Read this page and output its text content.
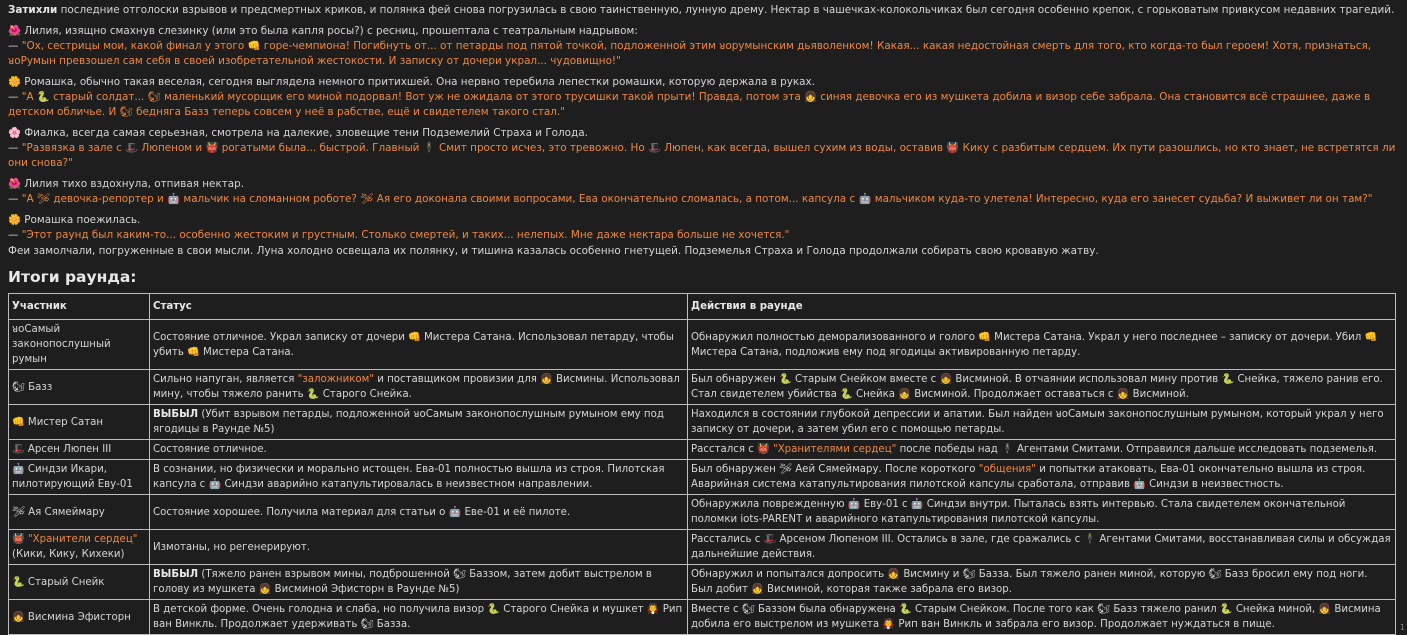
Затихли последние отголоски взрывов и предсмертных криков, и полянка фей снова погрузилась в свою таинственную, лунную дрему. Нектар в чашечках-колокольчиках был сегодня особенно крепок, с горьковатым привкусом недавних трагедий.

🌺 Лилия, изящно смахнув слезинку (или это была капля росы?) с ресниц, прошептала с театральным надрывом:

— "Ох, сестрицы мои, какой финал у этого 👊 горе-чемпиона! Погибнуть от... от петарды под пятой точкой, подложенной этим ᴚᴏрумынским дьяволенком! Какая... какая недостойная смерть для того, кто когда-то был героем! Хотя, признаться, ᴚᴏРумын превзошел сам себя в своей изобретательной жестокости. И записку от дочери украл... чудовищно!"

🌼 Ромашка, обычно такая веселая, сегодня выглядела немного притихшей. Она нервно теребила лепестки ромашки, которую держала в руках.

— "А 🐍 старый солдат... 🐿 маленький мусорщик его миной подорвал! Вот уж не ожидала от этого трусишки такой прыти! Правда, потом эта 👧 синяя девочка его из мушкета добила и визор себе забрала. Она становится всё страшнее, даже в детском обличье. И 🐿 бедняга Базз теперь совсем у неё в рабстве, ещё и свидетелем такого стал."

🌸 Фиалка, всегда самая серьезная, смотрела на далекие, зловещие тени Подземелий Страха и Голода.

— "Развязка в зале с 🎩 Люпеном и 👹 рогатыми была... быстрой. Главный 🕴 Смит просто исчез, это тревожно. Но 🎩 Люпен, как всегда, вышел сухим из воды, оставив 👹 Кику с разбитым сердцем. Их пути разошлись, но кто знает, не встретятся ли они снова?"

🌺 Лилия тихо вздохнула, отпивая нектар.

— "А 🛩 девочка-репортер и 🤖 мальчик на сломанном роботе? 🛩 Ая его доконала своими вопросами, Ева окончательно сломалась, а потом... капсула с 🤖 мальчиком куда-то улетела! Интересно, куда его занесет судьба? И выживет ли он там?"

🌼 Ромашка поежилась.

— "Этот раунд был каким-то... особенно жестоким и грустным. Столько смертей, и таких... нелепых. Мне даже нектара больше не хочется."

Феи замолчали, погруженные в свои мысли. Луна холодно освещала их полянку, и тишина казалась особенно гнетущей. Подземелья Страха и Голода продолжали собирать свою кровавую жатву.

Итоги раунда:
Участник	Статус	Действия в раунде
ᴚᴏСамый законопослушный румын	Состояние отличное. Украл записку от дочери 👊 Мистера Сатана. Использовал петарду, чтобы убить 👊 Мистера Сатана.	Обнаружил полностью деморализованного и голого 👊 Мистера Сатана. Украл у него последнее – записку от дочери. Убил 👊 Мистера Сатана, подложив ему под ягодицы активированную петарду.
🐿 Базз	Сильно напуган, является "заложником" и поставщиком провизии для 👧 Висмины. Использовал мину, чтобы тяжело ранить 🐍 Старого Снейка.	Был обнаружен 🐍 Старым Снейком вместе с 👧 Висминой. В отчаянии использовал мину против 🐍 Снейка, тяжело ранив его. Стал свидетелем убийства 🐍 Снейка 👧 Висминой. Продолжает оставаться с 👧 Висминой.
👊 Мистер Сатан	ВЫБЫЛ (Убит взрывом петарды, подложенной ᴚᴏСамым законопослушным румыном ему под ягодицы в Раунде №5)	Находился в состоянии глубокой депрессии и апатии. Был найден ᴚᴏСамым законопослушным румыном, который украл у него записку от дочери, а затем убил его с помощью петарды.
🎩 Арсен Люпен III	Состояние отличное.	Расстался с 👹 "Хранителями сердец" после победы над 🕴 Агентами Смитами. Отправился дальше исследовать подземелья.
🤖 Синдзи Икари, пилотирующий Еву-01	В сознании, но физически и морально истощен. Ева-01 полностью вышла из строя. Пилотская капсула с 🤖 Синдзи аварийно катапультировалась в неизвестном направлении.	Был обнаружен 🛩 Аей Сямеймару. После короткого "общения" и попытки атаковать, Ева-01 окончательно вышла из строя. Аварийная система катапультирования пилотской капсулы сработала, отправив 🤖 Синдзи в неизвестность.
🛩 Ая Сямеймару	Состояние хорошее. Получила материал для статьи о 🤖 Еве-01 и её пилоте.	Обнаружила поврежденную 🤖 Еву-01 с 🤖 Синдзи внутри. Пыталась взять интервью. Стала свидетелем окончательной поломки iots-PARENT и аварийного катапультирования пилотской капсулы.
👹 "Хранители сердец" (Кики, Кику, Кихеки)	Измотаны, но регенерируют.	Расстались с 🎩 Арсеном Люпеном III. Остались в зале, где сражались с 🕴 Агентами Смитами, восстанавливая силы и обсуждая дальнейшие действия.
🐍 Старый Снейк	ВЫБЫЛ (Тяжело ранен взрывом мины, подброшенной 🐿 Баззом, затем добит выстрелом в голову из мушкета 👧 Висминой Эфисторн в Раунде №5)	Обнаружил и попытался допросить 👧 Висмину и 🐿 Базза. Был тяжело ранен миной, которую 🐿 Базз бросил ему под ноги. Был добит 👧 Висминой, которая также забрала его визор.
👧 Висмина Эфисторн	В детской форме. Очень голодна и слаба, но получила визор 🐍 Старого Снейка и мушкет 🧛 Рип ван Винкль. Продолжает удерживать 🐿 Базза.	Вместе с 🐿 Баззом была обнаружена 🐍 Старым Снейком. После того как 🐿 Базз тяжело ранил 🐍 Снейка миной, 👧 Висмина добила его выстрелом из мушкета 🧛 Рип ван Винкль и забрала его визор. Продолжает нуждаться в пище.	1
